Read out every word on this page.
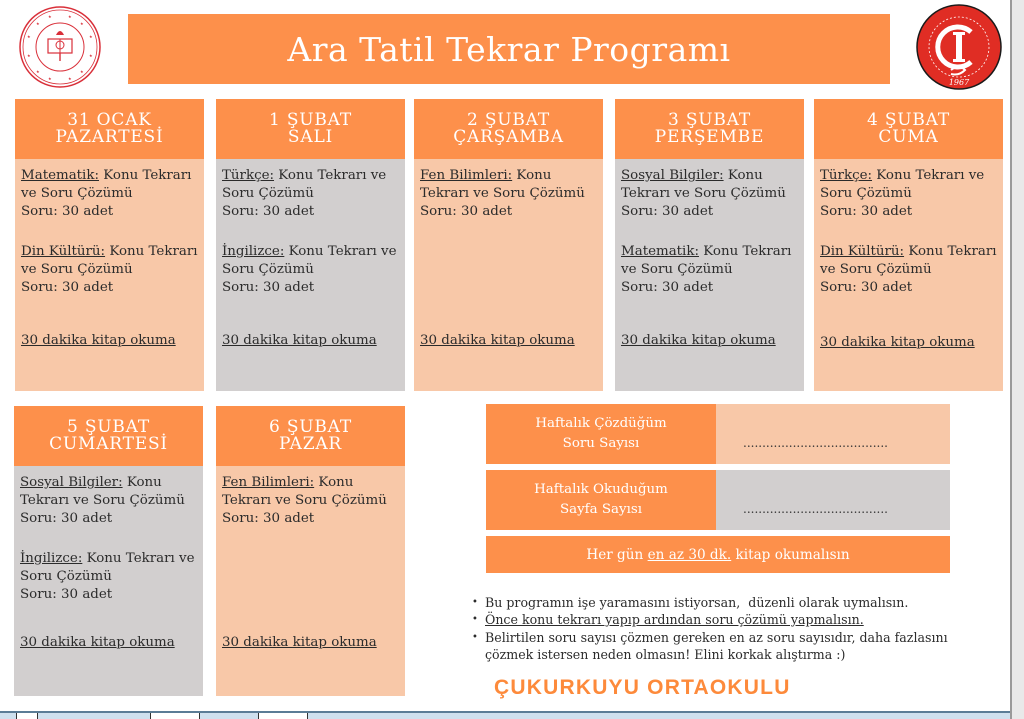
★
★	★
★
★	★
★	★
★
★	★
★
Ara Tatil Tekrar Programı
1967
31 OCAK
PAZARTESİ
Matematik: Konu Tekrarı ve Soru Çözümü
Soru: 30 adet
Din Kültürü: Konu Tekrarı ve Soru Çözümü
Soru: 30 adet
30 dakika kitap okuma
1 ŞUBAT
SALI
Türkçe: Konu Tekrarı ve Soru Çözümü
Soru: 30 adet
İngilizce: Konu Tekrarı ve Soru Çözümü
Soru: 30 adet
30 dakika kitap okuma
2 ŞUBAT
ÇARŞAMBA
Fen Bilimleri: Konu Tekrarı ve Soru Çözümü
Soru: 30 adet
30 dakika kitap okuma
3 ŞUBAT
PERŞEMBE
Sosyal Bilgiler: Konu Tekrarı ve Soru Çözümü
Soru: 30 adet
Matematik: Konu Tekrarı ve Soru Çözümü
Soru: 30 adet
30 dakika kitap okuma
4 ŞUBAT
CUMA
Türkçe: Konu Tekrarı ve Soru Çözümü
Soru: 30 adet
Din Kültürü: Konu Tekrarı ve Soru Çözümü
Soru: 30 adet
30 dakika kitap okuma
5 ŞUBAT
CUMARTESİ
Sosyal Bilgiler: Konu Tekrarı ve Soru Çözümü
Soru: 30 adet
İngilizce: Konu Tekrarı ve Soru Çözümü
Soru: 30 adet
30 dakika kitap okuma
6 ŞUBAT
PAZAR
Fen Bilimleri: Konu Tekrarı ve Soru Çözümü
Soru: 30 adet
30 dakika kitap okuma
Haftalık Çözdüğüm
Soru Sayısı	......................................
Haftalık Okuduğum
Sayfa Sayısı	......................................
Her gün en az 30 dk. kitap okumalısın
• Bu programın işe yaramasını istiyorsan,  düzenli olarak uymalısın.
• Önce konu tekrarı yapıp ardından soru çözümü yapmalısın.
• Belirtilen soru sayısı çözmen gereken en az soru sayısıdır, daha fazlasını çözmek istersen neden olmasın! Elini korkak alıştırma :)
ÇUKURKUYU ORTAOKULU
